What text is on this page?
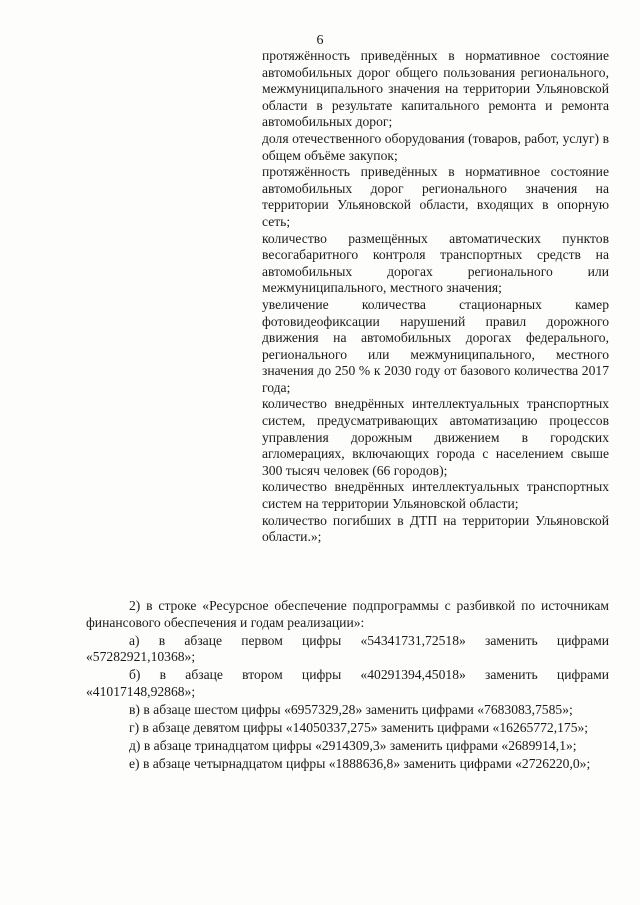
6

протяжённость приведённых в нормативное состояние автомобильных дорог общего пользования регионального, межмуниципального значения на территории Ульяновской области в результате капитального ремонта и ремонта автомобильных дорог;

доля отечественного оборудования (товаров, работ, услуг) в общем объёме закупок;

протяжённость приведённых в нормативное состояние автомобильных дорог регионального значения на территории Ульяновской области, входящих в опорную сеть;

количество размещённых автоматических пунктов весогабаритного контроля транспортных средств на автомобильных дорогах регионального или межмуниципального, местного значения;

увеличение количества стационарных камер фотовидеофиксации нарушений правил дорожного движения на автомобильных дорогах федерального, регионального или межмуниципального, местного значения до 250 % к 2030 году от базового количества 2017 года;

количество внедрённых интеллектуальных транспортных систем, предусматривающих автоматизацию процессов управления дорожным движением в городских агломерациях, включающих города с населением свыше 300 тысяч человек (66 городов);

количество внедрённых интеллектуальных транспортных систем на территории Ульяновской области;

количество погибших в ДТП на территории Ульяновской области.»;

2) в строке «Ресурсное обеспечение подпрограммы с разбивкой по источникам финансового обеспечения и годам реализации»:

а) в абзаце первом цифры «54341731,72518» заменить цифрами «57282921,10368»;

б) в абзаце втором цифры «40291394,45018» заменить цифрами «41017148,92868»;

в) в абзаце шестом цифры «6957329,28» заменить цифрами «7683083,7585»;

г) в абзаце девятом цифры «14050337,275» заменить цифрами «16265772,175»;

д) в абзаце тринадцатом цифры «2914309,3» заменить цифрами «2689914,1»;

е) в абзаце четырнадцатом цифры «1888636,8» заменить цифрами «2726220,0»;
